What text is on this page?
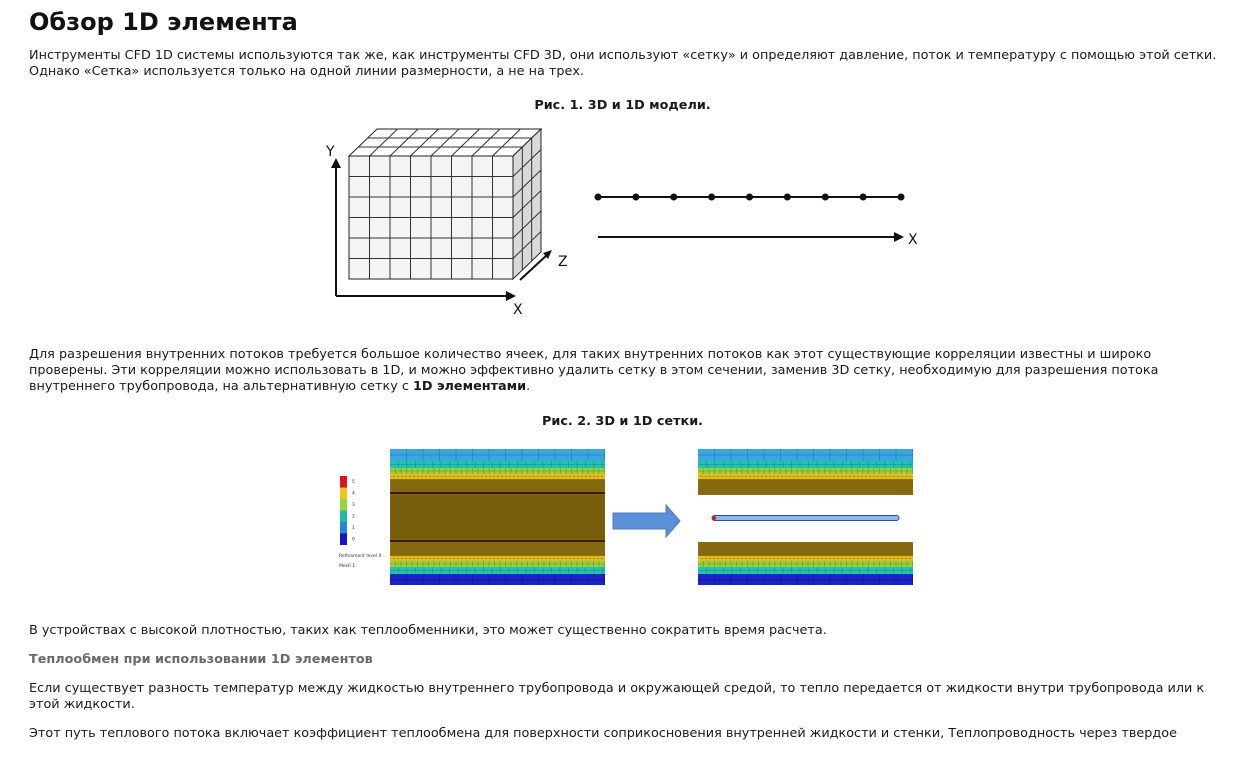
Обзор 1D элемента

Инструменты CFD 1D системы используются так же, как инструменты CFD 3D, они используют «сетку» и определяют давление, поток и температуру с помощью этой сетки. Однако «Сетка» используется только на одной линии размерности, а не на трех.

Рис. 1. 3D и 1D модели.

Y
X
Z
X

Для разрешения внутренних потоков требуется большое количество ячеек, для таких внутренних потоков как этот существующие корреляции известны и широко проверены. Эти корреляции можно использовать в 1D, и можно эффективно удалить сетку в этом сечении, заменив 3D сетку, необходимую для разрешения потока внутреннего трубопровода, на альтернативную сетку с 1D элементами.

Рис. 2. 3D и 1D сетки.

5
4
3
2
1
0
Refinement level 0
Mesh 1

В устройствах с высокой плотностью, таких как теплообменники, это может существенно сократить время расчета.

Теплообмен при использовании 1D элементов

Если существует разность температур между жидкостью внутреннего трубопровода и окружающей средой, то тепло передается от жидкости внутри трубопровода или к этой жидкости.

Этот путь теплового потока включает коэффициент теплообмена для поверхности соприкосновения внутренней жидкости и стенки, Теплопроводность через твердое
